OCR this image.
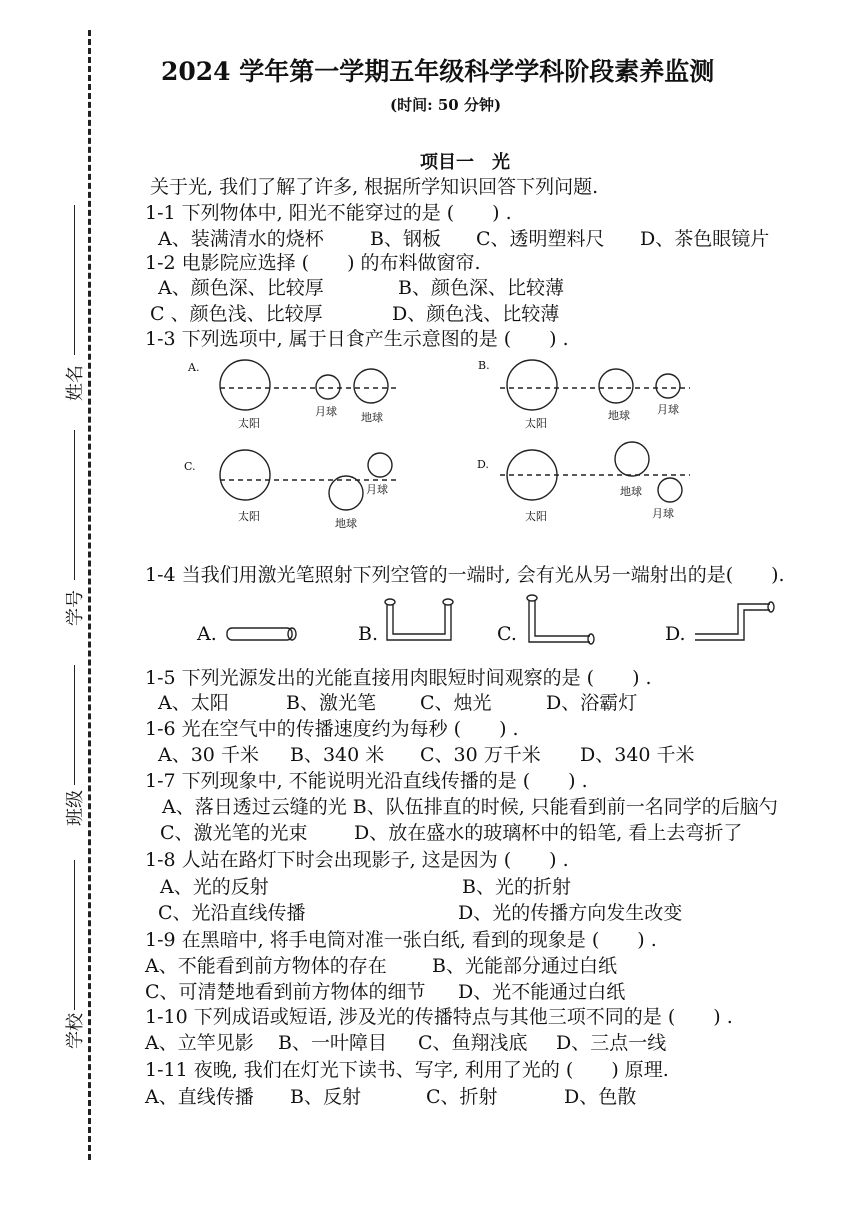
姓名
学号
班级
学校
2024 学年第一学期五年级科学学科阶段素养监测
(时间: 50 分钟)
项目一　光
关于光, 我们了解了许多, 根据所学知识回答下列问题.
1-1 下列物体中, 阳光不能穿过的是 (　　) .
A、装满清水的烧杯 B、钢板 C、透明塑料尺 D、茶色眼镜片
1-2 电影院应选择 (　　) 的布料做窗帘.
A、颜色深、比较厚	B、颜色深、比较薄
C 、颜色浅、比较厚	D、颜色浅、比较薄
1-3 下列选项中, 属于日食产生示意图的是 (　　) .
A.	B.
C.	D.
太阳
月球 地球	太阳
地球 月球
太阳
地球
月球
太阳
地球
月球
1-4 当我们用激光笔照射下列空管的一端时, 会有光从另一端射出的是(　　).
A.	B.	C.	D.
1-5 下列光源发出的光能直接用肉眼短时间观察的是 (　　) .
A、太阳	B、激光笔 C、烛光	D、浴霸灯
1-6 光在空气中的传播速度约为每秒 (　　) .
A、30 千米 B、340 米 C、30 万千米 D、340 千米
1-7 下列现象中, 不能说明光沿直线传播的是 (　　) .
A、落日透过云缝的光 B、队伍排直的时候, 只能看到前一名同学的后脑勺
C、激光笔的光束 D、放在盛水的玻璃杯中的铅笔, 看上去弯折了
1-8 人站在路灯下时会出现影子, 这是因为 (　　) .
A、光的反射	B、光的折射
C、光沿直线传播	D、光的传播方向发生改变
1-9 在黑暗中, 将手电筒对准一张白纸, 看到的现象是 (　　) .
A、不能看到前方物体的存在 B、光能部分通过白纸
C、可清楚地看到前方物体的细节 D、光不能通过白纸
1-10 下列成语或短语, 涉及光的传播特点与其他三项不同的是 (　　) .
A、立竿见影 B、一叶障目 C、鱼翔浅底 D、三点一线
1-11 夜晚, 我们在灯光下读书、写字, 利用了光的 (　　) 原理.
A、直线传播 B、反射	C、折射	D、色散
